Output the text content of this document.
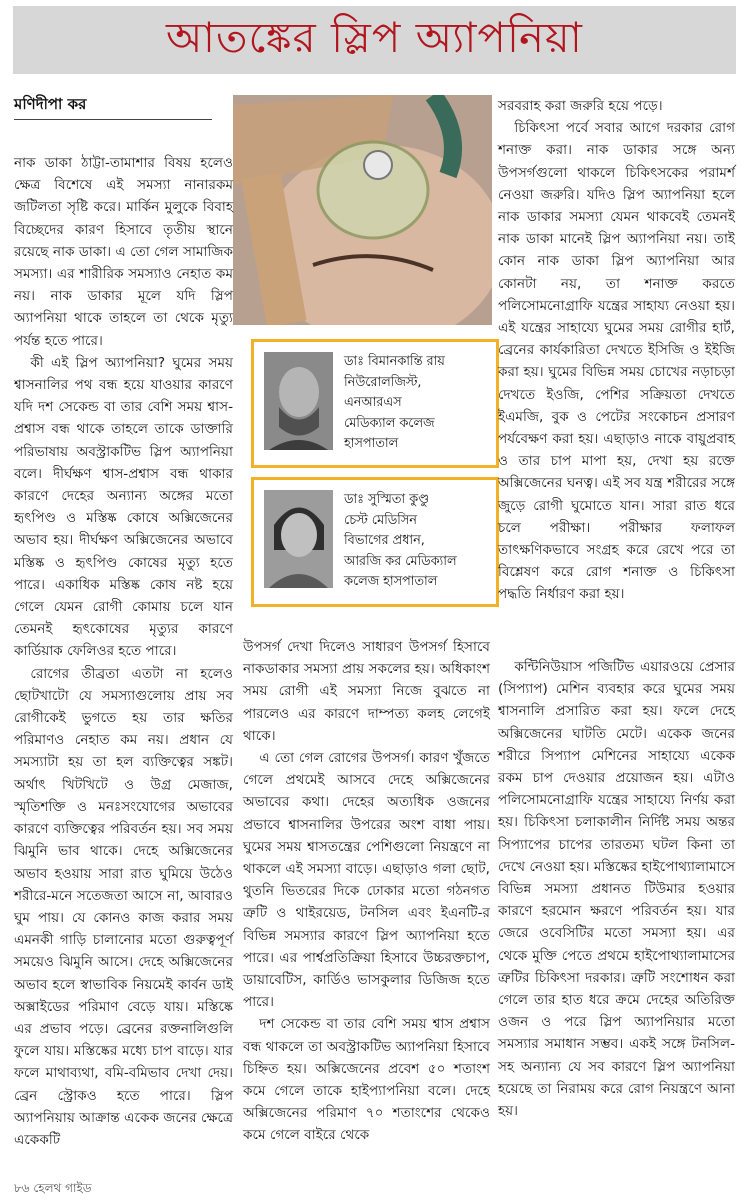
আতঙ্কের স্লিপ অ্যাপনিয়া
মণিদীপা কর

নাক ডাকা ঠাট্টা-তামাশার বিষয় হলেও ক্ষেত্র বিশেষে এই সমস্যা নানারকম জটিলতা সৃষ্টি করে। মার্কিন মুলুকে বিবাহ বিচ্ছেদের কারণ হিসাবে তৃতীয় স্থানে রয়েছে নাক ডাকা। এ তো গেল সামাজিক সমস্যা। এর শারীরিক সমস্যাও নেহাত কম নয়। নাক ডাকার মূলে যদি স্লিপ অ্যাপনিয়া থাকে তাহলে তা থেকে মৃত্যু পর্যন্ত হতে পারে।

কী এই স্লিপ অ্যাপনিয়া? ঘুমের সময় শ্বাসনালির পথ বন্ধ হয়ে যাওয়ার কারণে যদি দশ সেকেন্ড বা তার বেশি সময় শ্বাস-প্রশ্বাস বন্ধ থাকে তাহলে তাকে ডাক্তারি পরিভাষায় অবস্ট্রাকটিভ স্লিপ অ্যাপনিয়া বলে। দীর্ঘক্ষণ শ্বাস-প্রশ্বাস বন্ধ থাকার কারণে দেহের অন্যান্য অঙ্গের মতো হৃৎপিণ্ড ও মস্তিষ্ক কোষে অক্সিজেনের অভাব হয়। দীর্ঘক্ষণ অক্সিজেনের অভাবে মস্তিষ্ক ও হৃৎপিণ্ড কোষের মৃত্যু হতে পারে। একাধিক মস্তিষ্ক কোষ নষ্ট হয়ে গেলে যেমন রোগী কোমায় চলে যান তেমনই হৃৎকোষের মৃত্যুর কারণে কার্ডিয়াক ফেলিওর হতে পারে।

রোগের তীব্রতা এতটা না হলেও ছোটখাটো যে সমস্যাগুলোয় প্রায় সব রোগীকেই ভুগতে হয় তার ক্ষতির পরিমাণও নেহাত কম নয়। প্রধান যে সমস্যাটা হয় তা হল ব্যক্তিত্বের সঙ্কট। অর্থাৎ খিটখিটে ও উগ্র মেজাজ, স্মৃতিশক্তি ও মনঃসংযোগের অভাবের কারণে ব্যক্তিত্বের পরিবর্তন হয়। সব সময় ঝিমুনি ভাব থাকে। দেহে অক্সিজেনের অভাব হওয়ায় সারা রাত ঘুমিয়ে উঠেও শরীরে-মনে সতেজতা আসে না, আবারও ঘুম পায়। যে কোনও কাজ করার সময় এমনকী গাড়ি চালানোর মতো গুরুত্বপূর্ণ সময়েও ঝিমুনি আসে। দেহে অক্সিজেনের অভাব হলে স্বাভাবিক নিয়মেই কার্বন ডাই অক্সাইডের পরিমাণ বেড়ে যায়। মস্তিষ্কে এর প্রভাব পড়ে। ব্রেনের রক্তনালিগুলি ফুলে যায়। মস্তিষ্কের মধ্যে চাপ বাড়ে। যার ফলে মাথাব্যথা, বমি-বমিভাব দেখা দেয়। ব্রেন স্ট্রোকও হতে পারে। স্লিপ অ্যাপনিয়ায় আক্রান্ত একেক জনের ক্ষেত্রে একেকটি

ডাঃ বিমানকান্তি রায়
নিউরোলজিস্ট,
এনআরএস
মেডিক্যাল কলেজ
হাসপাতাল
ডাঃ সুস্মিতা কুণ্ডু
চেস্ট মেডিসিন
বিভাগের প্রধান,
আরজি কর মেডিক্যাল
কলেজ হাসপাতাল

উপসর্গ দেখা দিলেও সাধারণ উপসর্গ হিসাবে নাকডাকার সমস্যা প্রায় সকলের হয়। অধিকাংশ সময় রোগী এই সমস্যা নিজে বুঝতে না পারলেও এর কারণে দাম্পত্য কলহ লেগেই থাকে।

এ তো গেল রোগের উপসর্গ। কারণ খুঁজতে গেলে প্রথমেই আসবে দেহে অক্সিজেনের অভাবের কথা। দেহের অত্যধিক ওজনের প্রভাবে শ্বাসনালির উপরের অংশ বাধা পায়। ঘুমের সময় শ্বাসতন্ত্রের পেশিগুলো নিয়ন্ত্রণে না থাকলে এই সমস্যা বাড়ে। এছাড়াও গলা ছোট, থুতনি ভিতরের দিকে ঢোকার মতো গঠনগত ত্রুটি ও থাইরয়েড, টনসিল এবং ইএনটি-র বিভিন্ন সমস্যার কারণে স্লিপ অ্যাপনিয়া হতে পারে। এর পার্শ্বপ্রতিক্রিয়া হিসাবে উচ্চরক্তচাপ, ডায়াবেটিস, কার্ডিও ভাসকুলার ডিজিজ হতে পারে।

দশ সেকেন্ড বা তার বেশি সময় শ্বাস প্রশ্বাস বন্ধ থাকলে তা অবস্ট্রাকটিভ অ্যাপনিয়া হিসাবে চিহ্নিত হয়। অক্সিজেনের প্রবেশ ৫০ শতাংশ কমে গেলে তাকে হাইপ্যাপনিয়া বলে। দেহে অক্সিজেনের পরিমাণ ৭০ শতাংশের থেকেও কমে গেলে বাইরে থেকে

সরবরাহ করা জরুরি হয়ে পড়ে।

চিকিৎসা পর্বে সবার আগে দরকার রোগ শনাক্ত করা। নাক ডাকার সঙ্গে অন্য উপসর্গগুলো থাকলে চিকিৎসকের পরামর্শ নেওয়া জরুরি। যদিও স্লিপ অ্যাপনিয়া হলে নাক ডাকার সমস্যা যেমন থাকবেই তেমনই নাক ডাকা মানেই স্লিপ অ্যাপনিয়া নয়। তাই কোন নাক ডাকা স্লিপ অ্যাপনিয়া আর কোনটা নয়, তা শনাক্ত করতে পলিসোমনোগ্রাফি যন্ত্রের সাহায্য নেওয়া হয়। এই যন্ত্রের সাহায্যে ঘুমের সময় রোগীর হার্ট, ব্রেনের কার্যকারিতা দেখতে ইসিজি ও ইইজি করা হয়। ঘুমের বিভিন্ন সময় চোখের নড়াচড়া দেখতে ইওজি, পেশির সক্রিয়তা দেখতে ইএমজি, বুক ও পেটের সংকোচন প্রসারণ পর্যবেক্ষণ করা হয়। এছাড়াও নাকে বায়ুপ্রবাহ ও তার চাপ মাপা হয়, দেখা হয় রক্তে অক্সিজেনের ঘনত্ব। এই সব যন্ত্র শরীরের সঙ্গে জুড়ে রোগী ঘুমোতে যান। সারা রাত ধরে চলে পরীক্ষা। পরীক্ষার ফলাফল তাৎক্ষণিকভাবে সংগ্রহ করে রেখে পরে তা বিশ্লেষণ করে রোগ শনাক্ত ও চিকিৎসা পদ্ধতি নির্ধারণ করা হয়।

কন্টিনিউয়াস পজিটিভ এয়ারওয়ে প্রেসার (সিপ্যাপ) মেশিন ব্যবহার করে ঘুমের সময় শ্বাসনালি প্রসারিত করা হয়। ফলে দেহে অক্সিজেনের ঘাটতি মেটে। একেক জনের শরীরে সিপ্যাপ মেশিনের সাহায্যে একেক রকম চাপ দেওয়ার প্রয়োজন হয়। এটাও পলিসোমনোগ্রাফি যন্ত্রের সাহায্যে নির্ণয় করা হয়। চিকিৎসা চলাকালীন নির্দিষ্ট সময় অন্তর সিপ্যাপের চাপের তারতম্য ঘটল কিনা তা দেখে নেওয়া হয়। মস্তিষ্কের হাইপোথ্যালামাসে বিভিন্ন সমস্যা প্রধানত টিউমার হওয়ার কারণে হরমোন ক্ষরণে পরিবর্তন হয়। যার জেরে ওবেসিটির মতো সমস্যা হয়। এর থেকে মুক্তি পেতে প্রথমে হাইপোথ্যালামাসের ত্রুটির চিকিৎসা দরকার। ত্রুটি সংশোধন করা গেলে তার হাত ধরে ক্রমে দেহের অতিরিক্ত ওজন ও পরে স্লিপ অ্যাপনিয়ার মতো সমস্যার সমাধান সম্ভব। একই সঙ্গে টনসিল-সহ অন্যান্য যে সব কারণে স্লিপ অ্যাপনিয়া হয়েছে তা নিরাময় করে রোগ নিয়ন্ত্রণে আনা হয়।

৮৬ হেলথ গাইড
